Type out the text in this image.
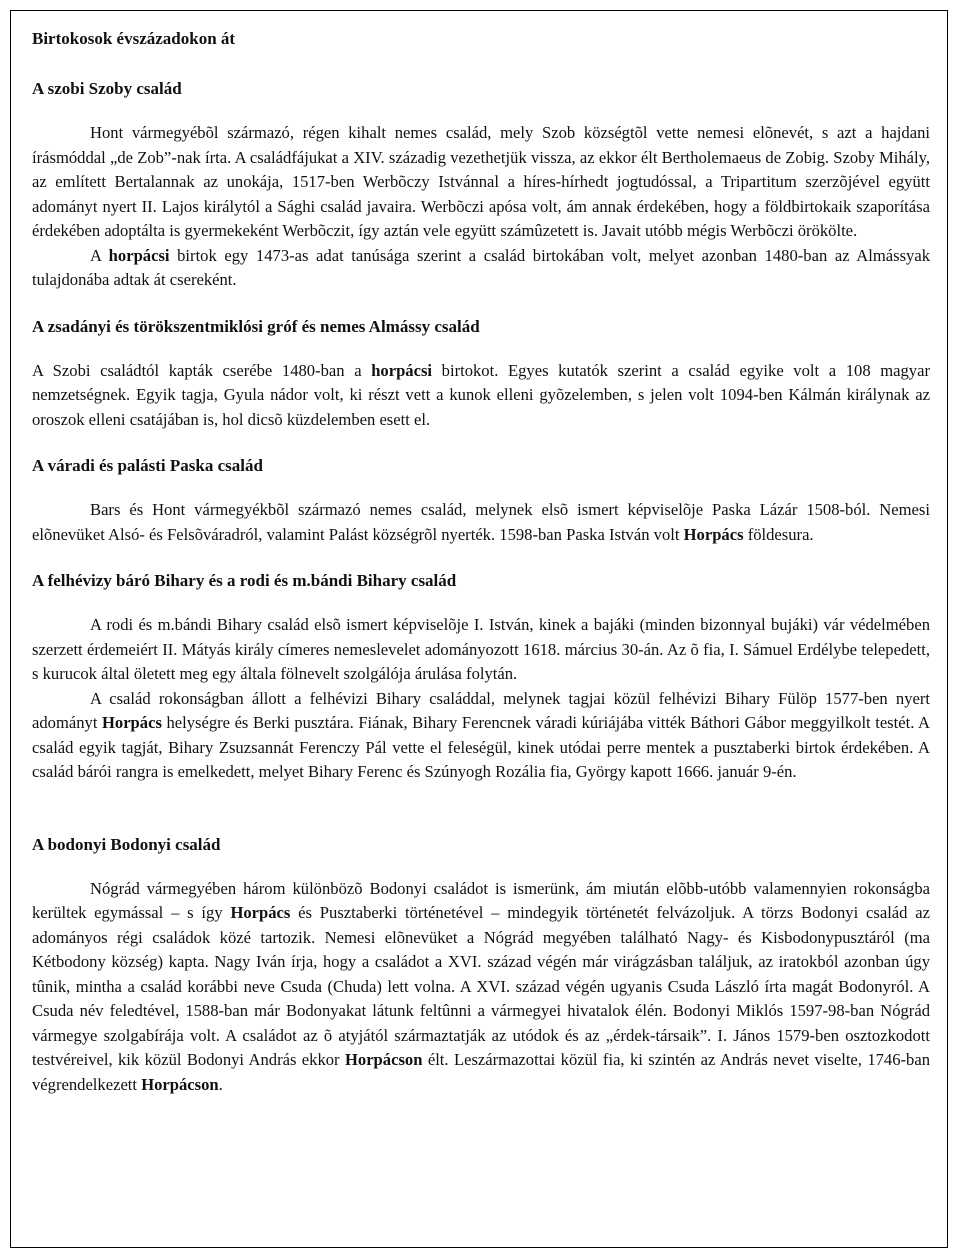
Birtokosok évszázadokon át
A szobi Szoby család

Hont vármegyébõl származó, régen kihalt nemes család, mely Szob községtõl vette nemesi elõnevét, s azt a hajdani írásmóddal „de Zob”-nak írta. A családfájukat a XIV. századig vezethetjük vissza, az ekkor élt Bertholemaeus de Zobig. Szoby Mihály, az említett Bertalannak az unokája, 1517-ben Werbõczy Istvánnal a híres-hírhedt jogtudóssal, a Tripartitum szerzõjével együtt adományt nyert II. Lajos királytól a Sághi család javaira. Werbõczi apósa volt, ám annak érdekében, hogy a földbirtokaik szaporítása érdekében adoptálta is gyermekeként Werbõczit, így aztán vele együtt számûzetett is. Javait utóbb mégis Werbõczi örökölte.

A horpácsi birtok egy 1473-as adat tanúsága szerint a család birtokában volt, melyet azonban 1480-ban az Almássyak tulajdonába adtak át csereként.

A zsadányi és törökszentmiklósi gróf és nemes Almássy család

A Szobi családtól kapták cserébe 1480-ban a horpácsi birtokot. Egyes kutatók szerint a család egyike volt a 108 magyar nemzetségnek. Egyik tagja, Gyula nádor volt, ki részt vett a kunok elleni gyõzelemben, s jelen volt 1094-ben Kálmán királynak az oroszok elleni csatájában is, hol dicsõ küzdelemben esett el.

A váradi és palásti Paska család

Bars és Hont vármegyékbõl származó nemes család, melynek elsõ ismert képviselõje Paska Lázár 1508-ból. Nemesi elõnevüket Alsó- és Felsõváradról, valamint Palást községrõl nyerték. 1598-ban Paska István volt Horpács földesura.

A felhévizy báró Bihary és a rodi és m.bándi Bihary család

A rodi és m.bándi Bihary család elsõ ismert képviselõje I. István, kinek a bajáki (minden bizonnyal bujáki) vár védelmében szerzett érdemeiért II. Mátyás király címeres nemeslevelet adományozott 1618. március 30-án. Az õ fia, I. Sámuel Erdélybe telepedett, s kurucok által öletett meg egy általa fölnevelt szolgálója árulása folytán.

A család rokonságban állott a felhévizi Bihary családdal, melynek tagjai közül felhévizi Bihary Fülöp 1577-ben nyert adományt Horpács helységre és Berki pusztára. Fiának, Bihary Ferencnek váradi kúriájába vitték Báthori Gábor meggyilkolt testét. A család egyik tagját, Bihary Zsuzsannát Ferenczy Pál vette el feleségül, kinek utódai perre mentek a pusztaberki birtok érdekében. A család bárói rangra is emelkedett, melyet Bihary Ferenc és Szúnyogh Rozália fia, György kapott 1666. január 9-én.

A bodonyi Bodonyi család

Nógrád vármegyében három különbözõ Bodonyi családot is ismerünk, ám miután elõbb-utóbb valamennyien rokonságba kerültek egymással – s így Horpács és Pusztaberki történetével – mindegyik történetét felvázoljuk. A törzs Bodonyi család az adományos régi családok közé tartozik. Nemesi elõnevüket a Nógrád megyében található Nagy- és Kisbodonypusztáról (ma Kétbodony község) kapta. Nagy Iván írja, hogy a családot a XVI. század végén már virágzásban találjuk, az iratokból azonban úgy tûnik, mintha a család korábbi neve Csuda (Chuda) lett volna. A XVI. század végén ugyanis Csuda László írta magát Bodonyról. A Csuda név feledtével, 1588-ban már Bodonyakat látunk feltûnni a vármegyei hivatalok élén. Bodonyi Miklós 1597-98-ban Nógrád vármegye szolgabírája volt. A családot az õ atyjától származtatják az utódok és az „érdek-társaik”. I. János 1579-ben osztozkodott testvéreivel, kik közül Bodonyi András ekkor Horpácson élt. Leszármazottai közül fia, ki szintén az András nevet viselte, 1746-ban végrendelkezett Horpácson.
